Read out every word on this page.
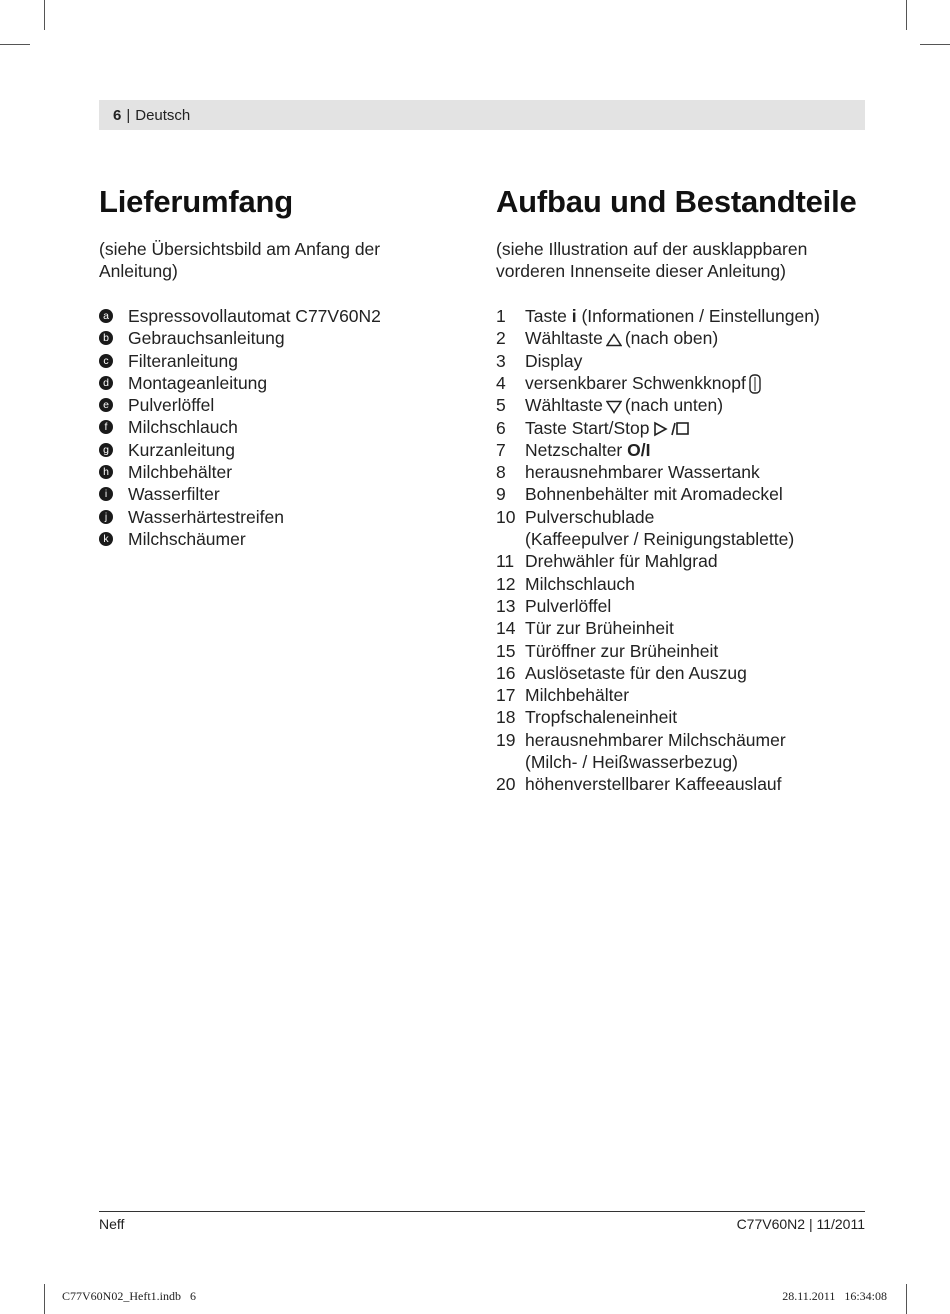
6 | Deutsch
Lieferumfang

(siehe Übersichtsbild am Anfang der Anleitung)

a Espressovollautomat C77V60N2
b Gebrauchsanleitung
c Filteranleitung
d Montageanleitung
e Pulverlöffel
f	Milchschlauch
g Kurzanleitung
h Milchbehälter
i	Wasserfilter
j	Wasserhärtestreifen
k Milchschäumer
Aufbau und Bestandteile

(siehe Illustration auf der ausklappbaren vorderen Innenseite dieser Anleitung)

1	Taste i (Informationen / Einstellungen)
2	Wähltaste (nach oben)
3	Display
4	versenkbarer Schwenkknopf
5	Wähltaste (nach unten)
6	Taste Start/Stop
7	Netzschalter O/I
8	herausnehmbarer Wassertank
9	Bohnenbehälter mit Aromadeckel
10 Pulverschublade
(Kaffeepulver / Reinigungstablette)
11 Drehwähler für Mahlgrad
12 Milchschlauch
13 Pulverlöffel
14 Tür zur Brüheinheit
15 Türöffner zur Brüheinheit
16 Auslösetaste für den Auszug
17 Milchbehälter
18 Tropfschaleneinheit
19 herausnehmbarer Milchschäumer
(Milch- / Heißwasserbezug)
20 höhenverstellbarer Kaffeeauslauf
Neff	C77V60N2 | 11/2011
C77V60N02_Heft1.indb   6	28.11.2011   16:34:08
